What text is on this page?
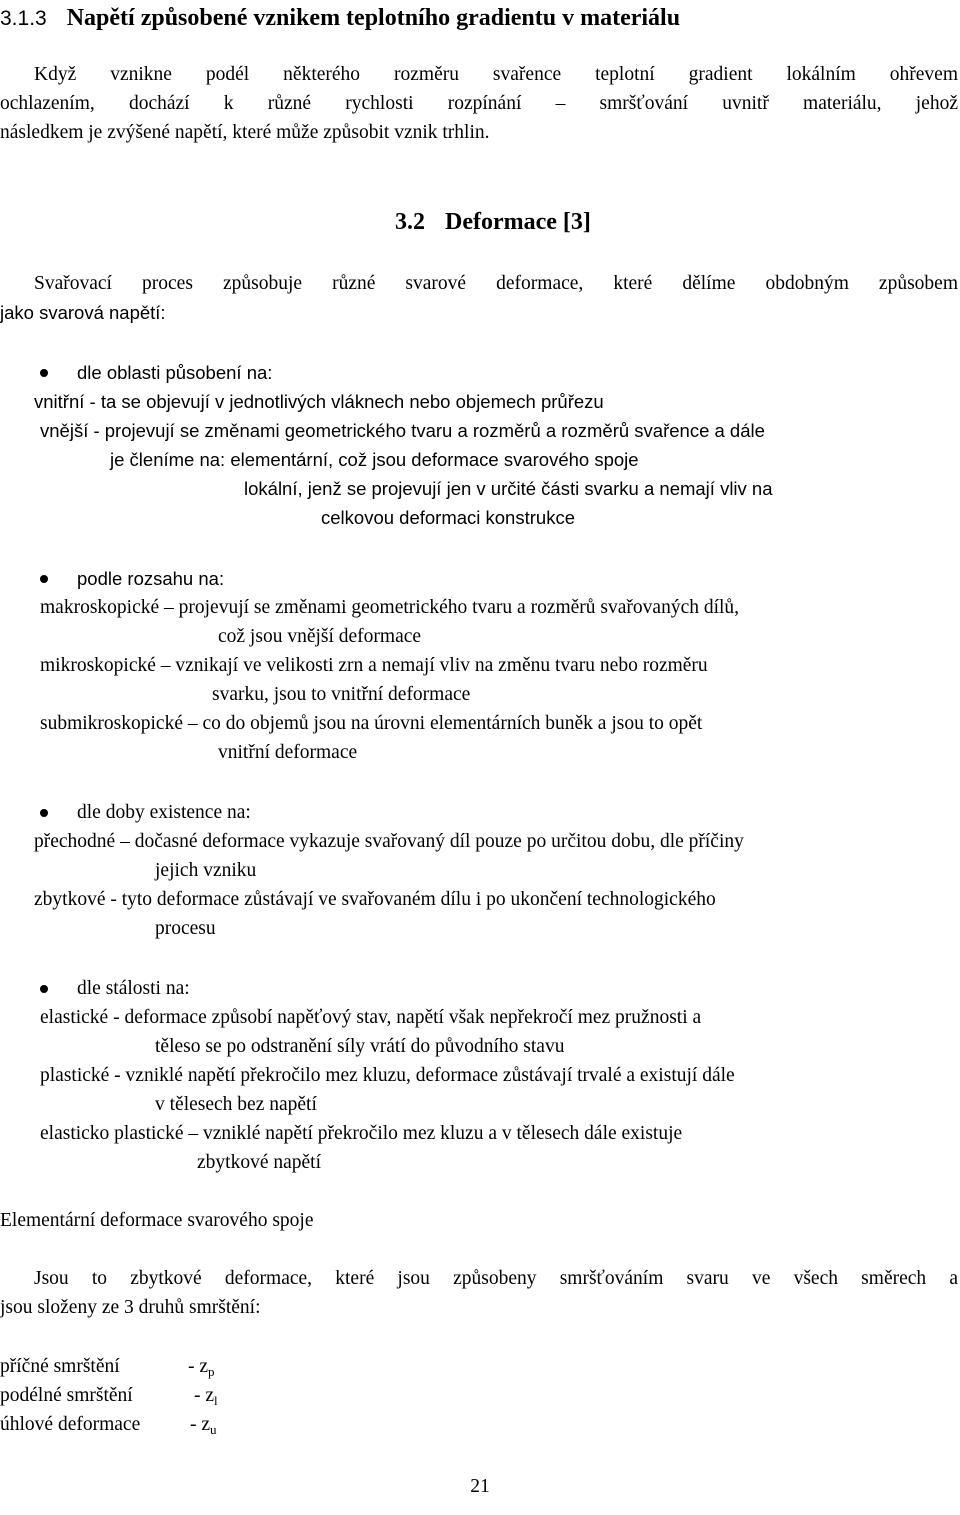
3.1.3 Napětí způsobené vznikem teplotního gradientu v materiálu
Když vznikne podél některého rozměru svařence teplotní gradient lokálním ohřevem
ochlazením, dochází k různé rychlosti rozpínání – smršťování uvnitř materiálu, jehož
následkem je zvýšené napětí, které může způsobit vznik trhlin.
3.2 Deformace [3]
Svařovací proces způsobuje různé svarové deformace, které dělíme obdobným způsobem
jako svarová napětí:
dle oblasti působení na:
vnitřní - ta se objevují v jednotlivých vláknech nebo objemech průřezu
vnější - projevují se změnami geometrického tvaru a rozměrů a rozměrů svařence a dále
je členíme na: elementární, což jsou deformace svarového spoje
lokální, jenž se projevují jen v určité části svarku a nemají vliv na
celkovou deformaci konstrukce
podle rozsahu na:
makroskopické – projevují se změnami geometrického tvaru a rozměrů svařovaných dílů,
což jsou vnější deformace
mikroskopické – vznikají ve velikosti zrn a nemají vliv na změnu tvaru nebo rozměru
svarku, jsou to vnitřní deformace
submikroskopické – co do objemů jsou na úrovni elementárních buněk a jsou to opět
vnitřní deformace
dle doby existence na:
přechodné – dočasné deformace vykazuje svařovaný díl pouze po určitou dobu, dle příčiny
jejich vzniku
zbytkové - tyto deformace zůstávají ve svařovaném dílu i po ukončení technologického
procesu
dle stálosti na:
elastické - deformace způsobí napěťový stav, napětí však nepřekročí mez pružnosti a
těleso se po odstranění síly vrátí do původního stavu
plastické - vzniklé napětí překročilo mez kluzu, deformace zůstávají trvalé a existují dále
v tělesech bez napětí
elasticko plastické – vzniklé napětí překročilo mez kluzu a v tělesech dále existuje
zbytkové napětí
Elementární deformace svarového spoje
Jsou to zbytkové deformace, které jsou způsobeny smršťováním svaru ve všech směrech a
jsou složeny ze 3 druhů smrštění:
příčné smrštění	- $z_p$
podélné smrštění	- $z_l$
úhlové deformace	- $z_u$
21
